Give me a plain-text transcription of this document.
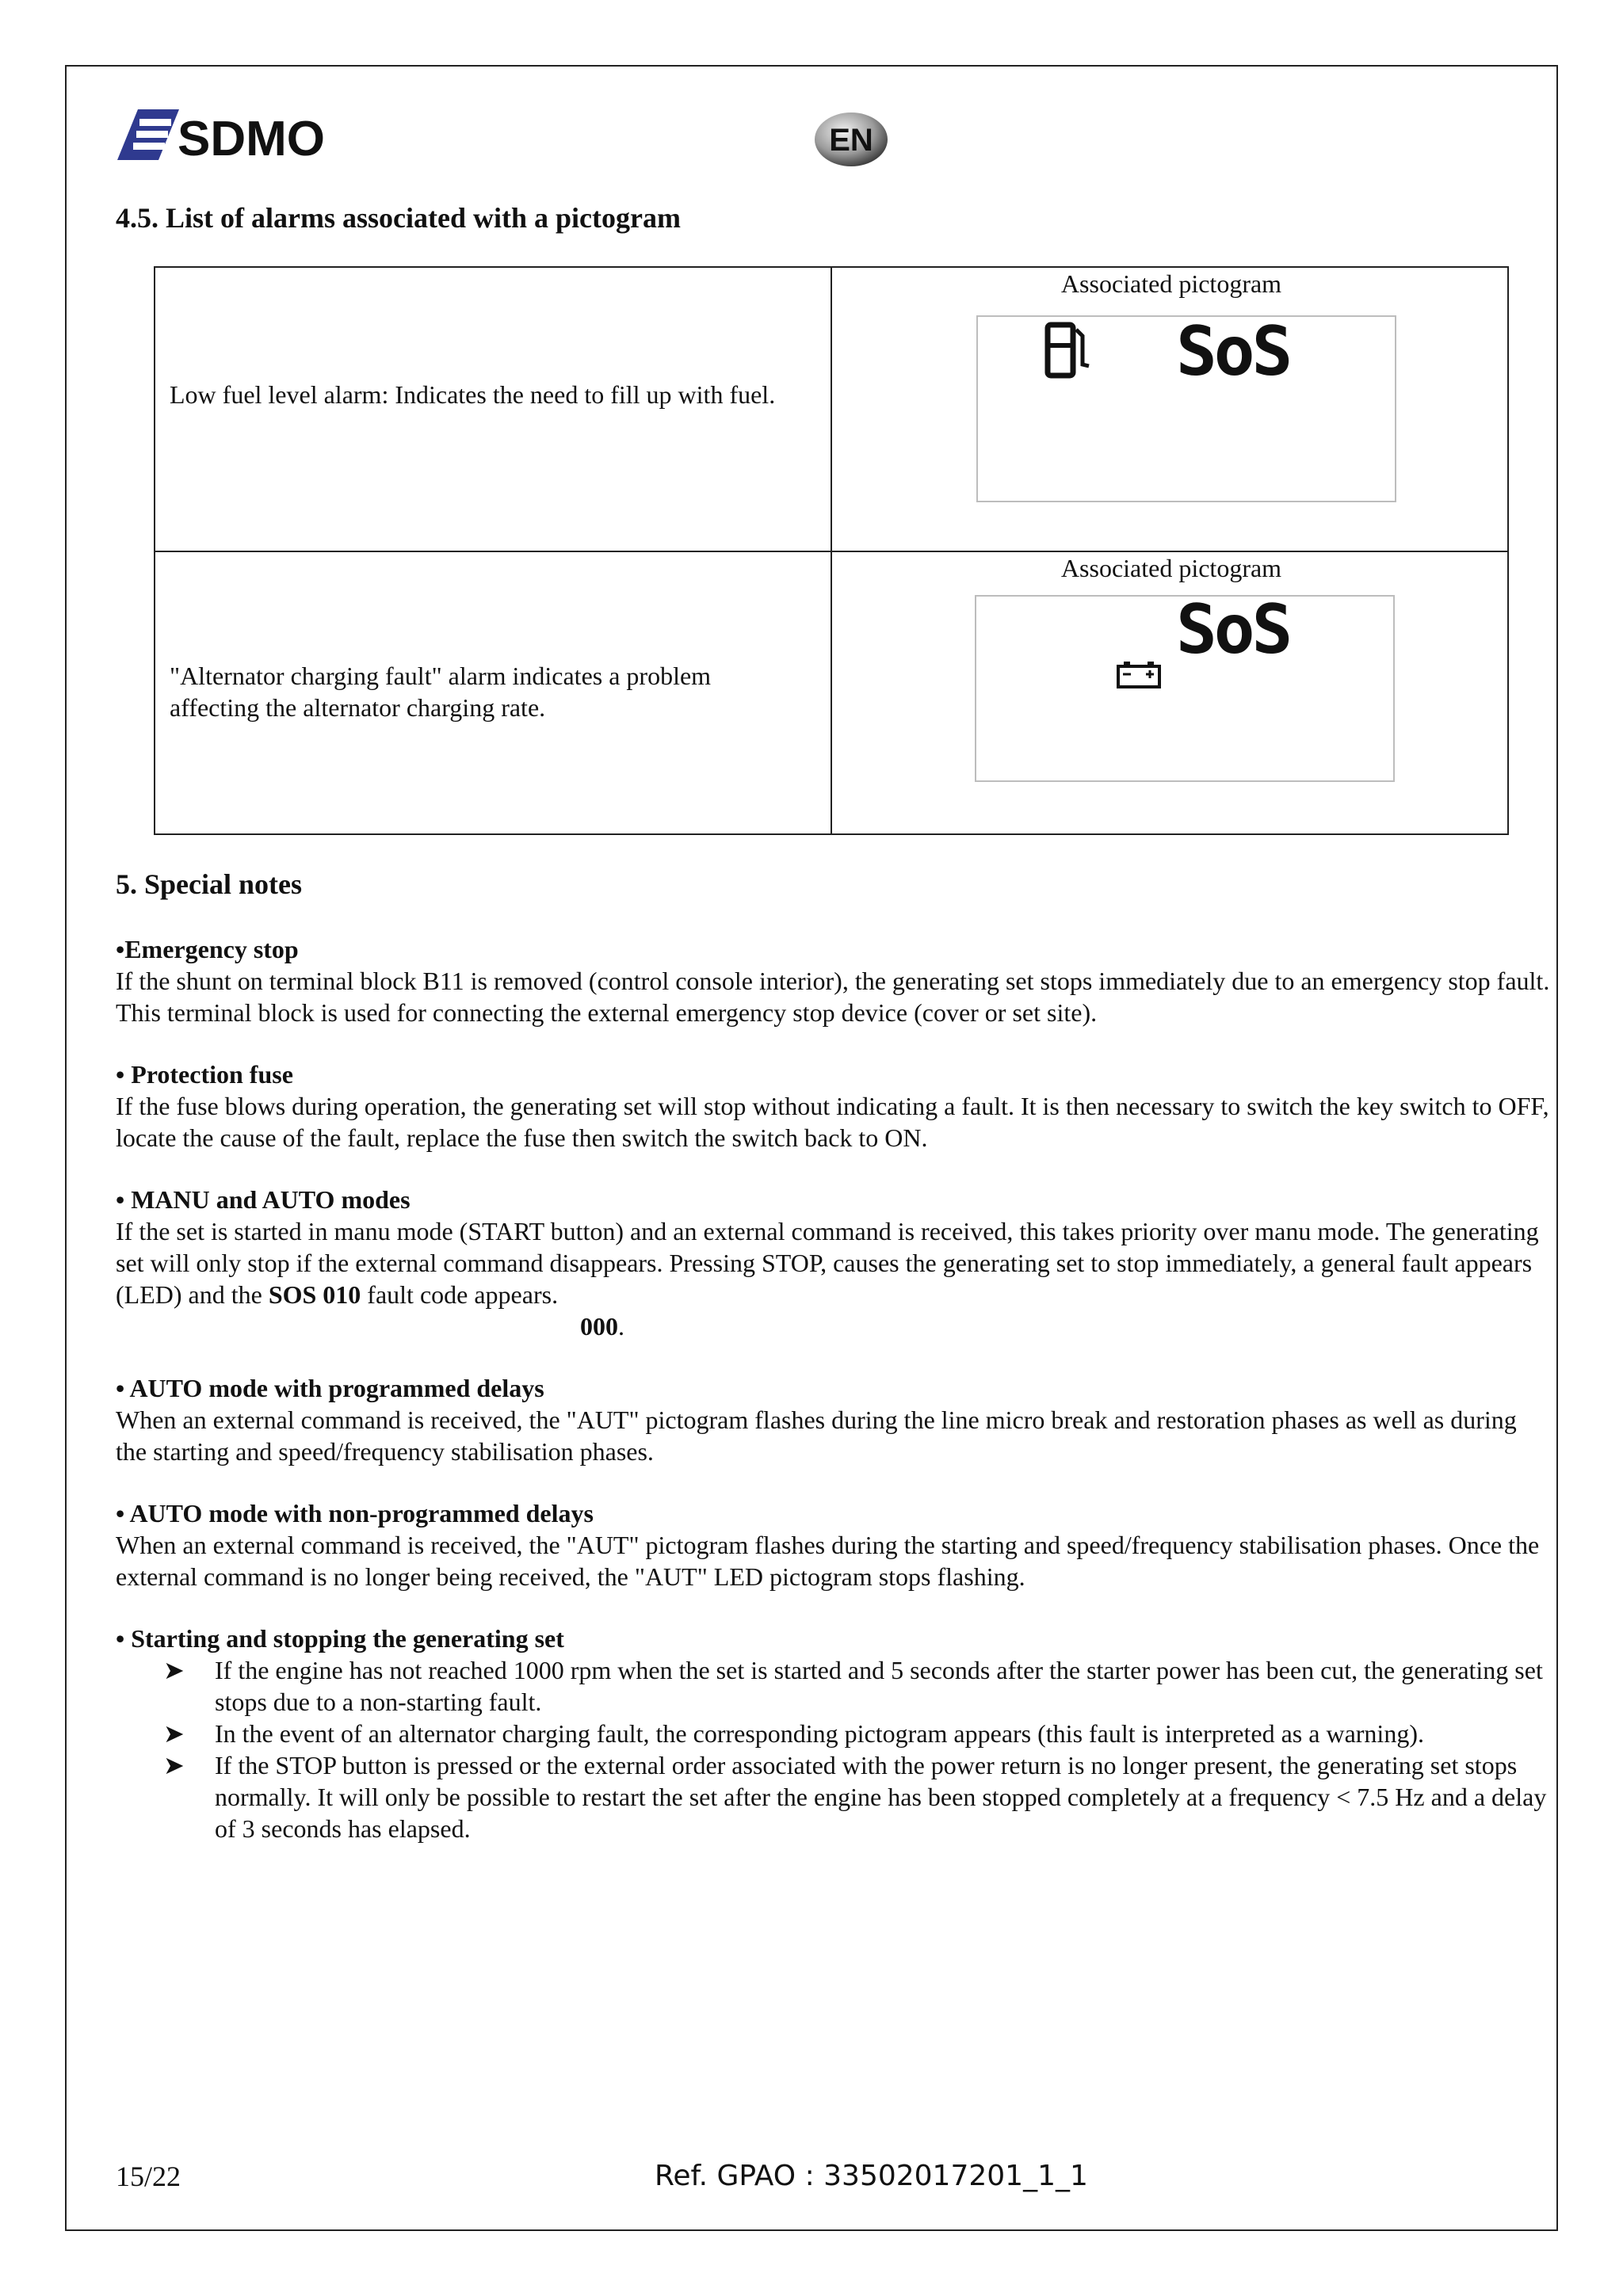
SDMO	EN
4.5. List of alarms associated with a pictogram
Low fuel level alarm: Indicates the need to fill up with fuel.
Associated pictogram
SoS
"Alternator charging fault" alarm indicates a problem affecting the alternator charging rate.
Associated pictogram
SoS
5. Special notes
•Emergency stop
If the shunt on terminal block B11 is removed (control console interior), the generating set stops immediately due to an emergency stop fault. This terminal block is used for connecting the external emergency stop device (cover or set site).
• Protection fuse
If the fuse blows during operation, the generating set will stop without indicating a fault. It is then necessary to switch the key switch to OFF, locate the cause of the fault, replace the fuse then switch the switch back to ON.
• MANU and AUTO modes
If the set is started in manu mode (START button) and an external command is received, this takes priority over manu mode. The generating set will only stop if the external command disappears. Pressing STOP, causes the generating set to stop immediately, a general fault appears (LED) and the SOS 010 fault code appears.
000.
• AUTO mode with programmed delays
When an external command is received, the "AUT" pictogram flashes during the line micro break and restoration phases as well as during the starting and speed/frequency stabilisation phases.
• AUTO mode with non-programmed delays
When an external command is received, the "AUT" pictogram flashes during the starting and speed/frequency stabilisation phases. Once the external command is no longer being received, the "AUT" LED pictogram stops flashing.
• Starting and stopping the generating set
➤ If the engine has not reached 1000 rpm when the set is started and 5 seconds after the starter power has been cut, the generating set stops due to a non-starting fault.
➤ In the event of an alternator charging fault, the corresponding pictogram appears (this fault is interpreted as a warning).
➤ If the STOP button is pressed or the external order associated with the power return is no longer present, the generating set stops normally. It will only be possible to restart the set after the engine has been stopped completely at a frequency < 7.5 Hz and a delay of 3 seconds has elapsed.
15/22	Ref. GPAO : 33502017201_1_1
